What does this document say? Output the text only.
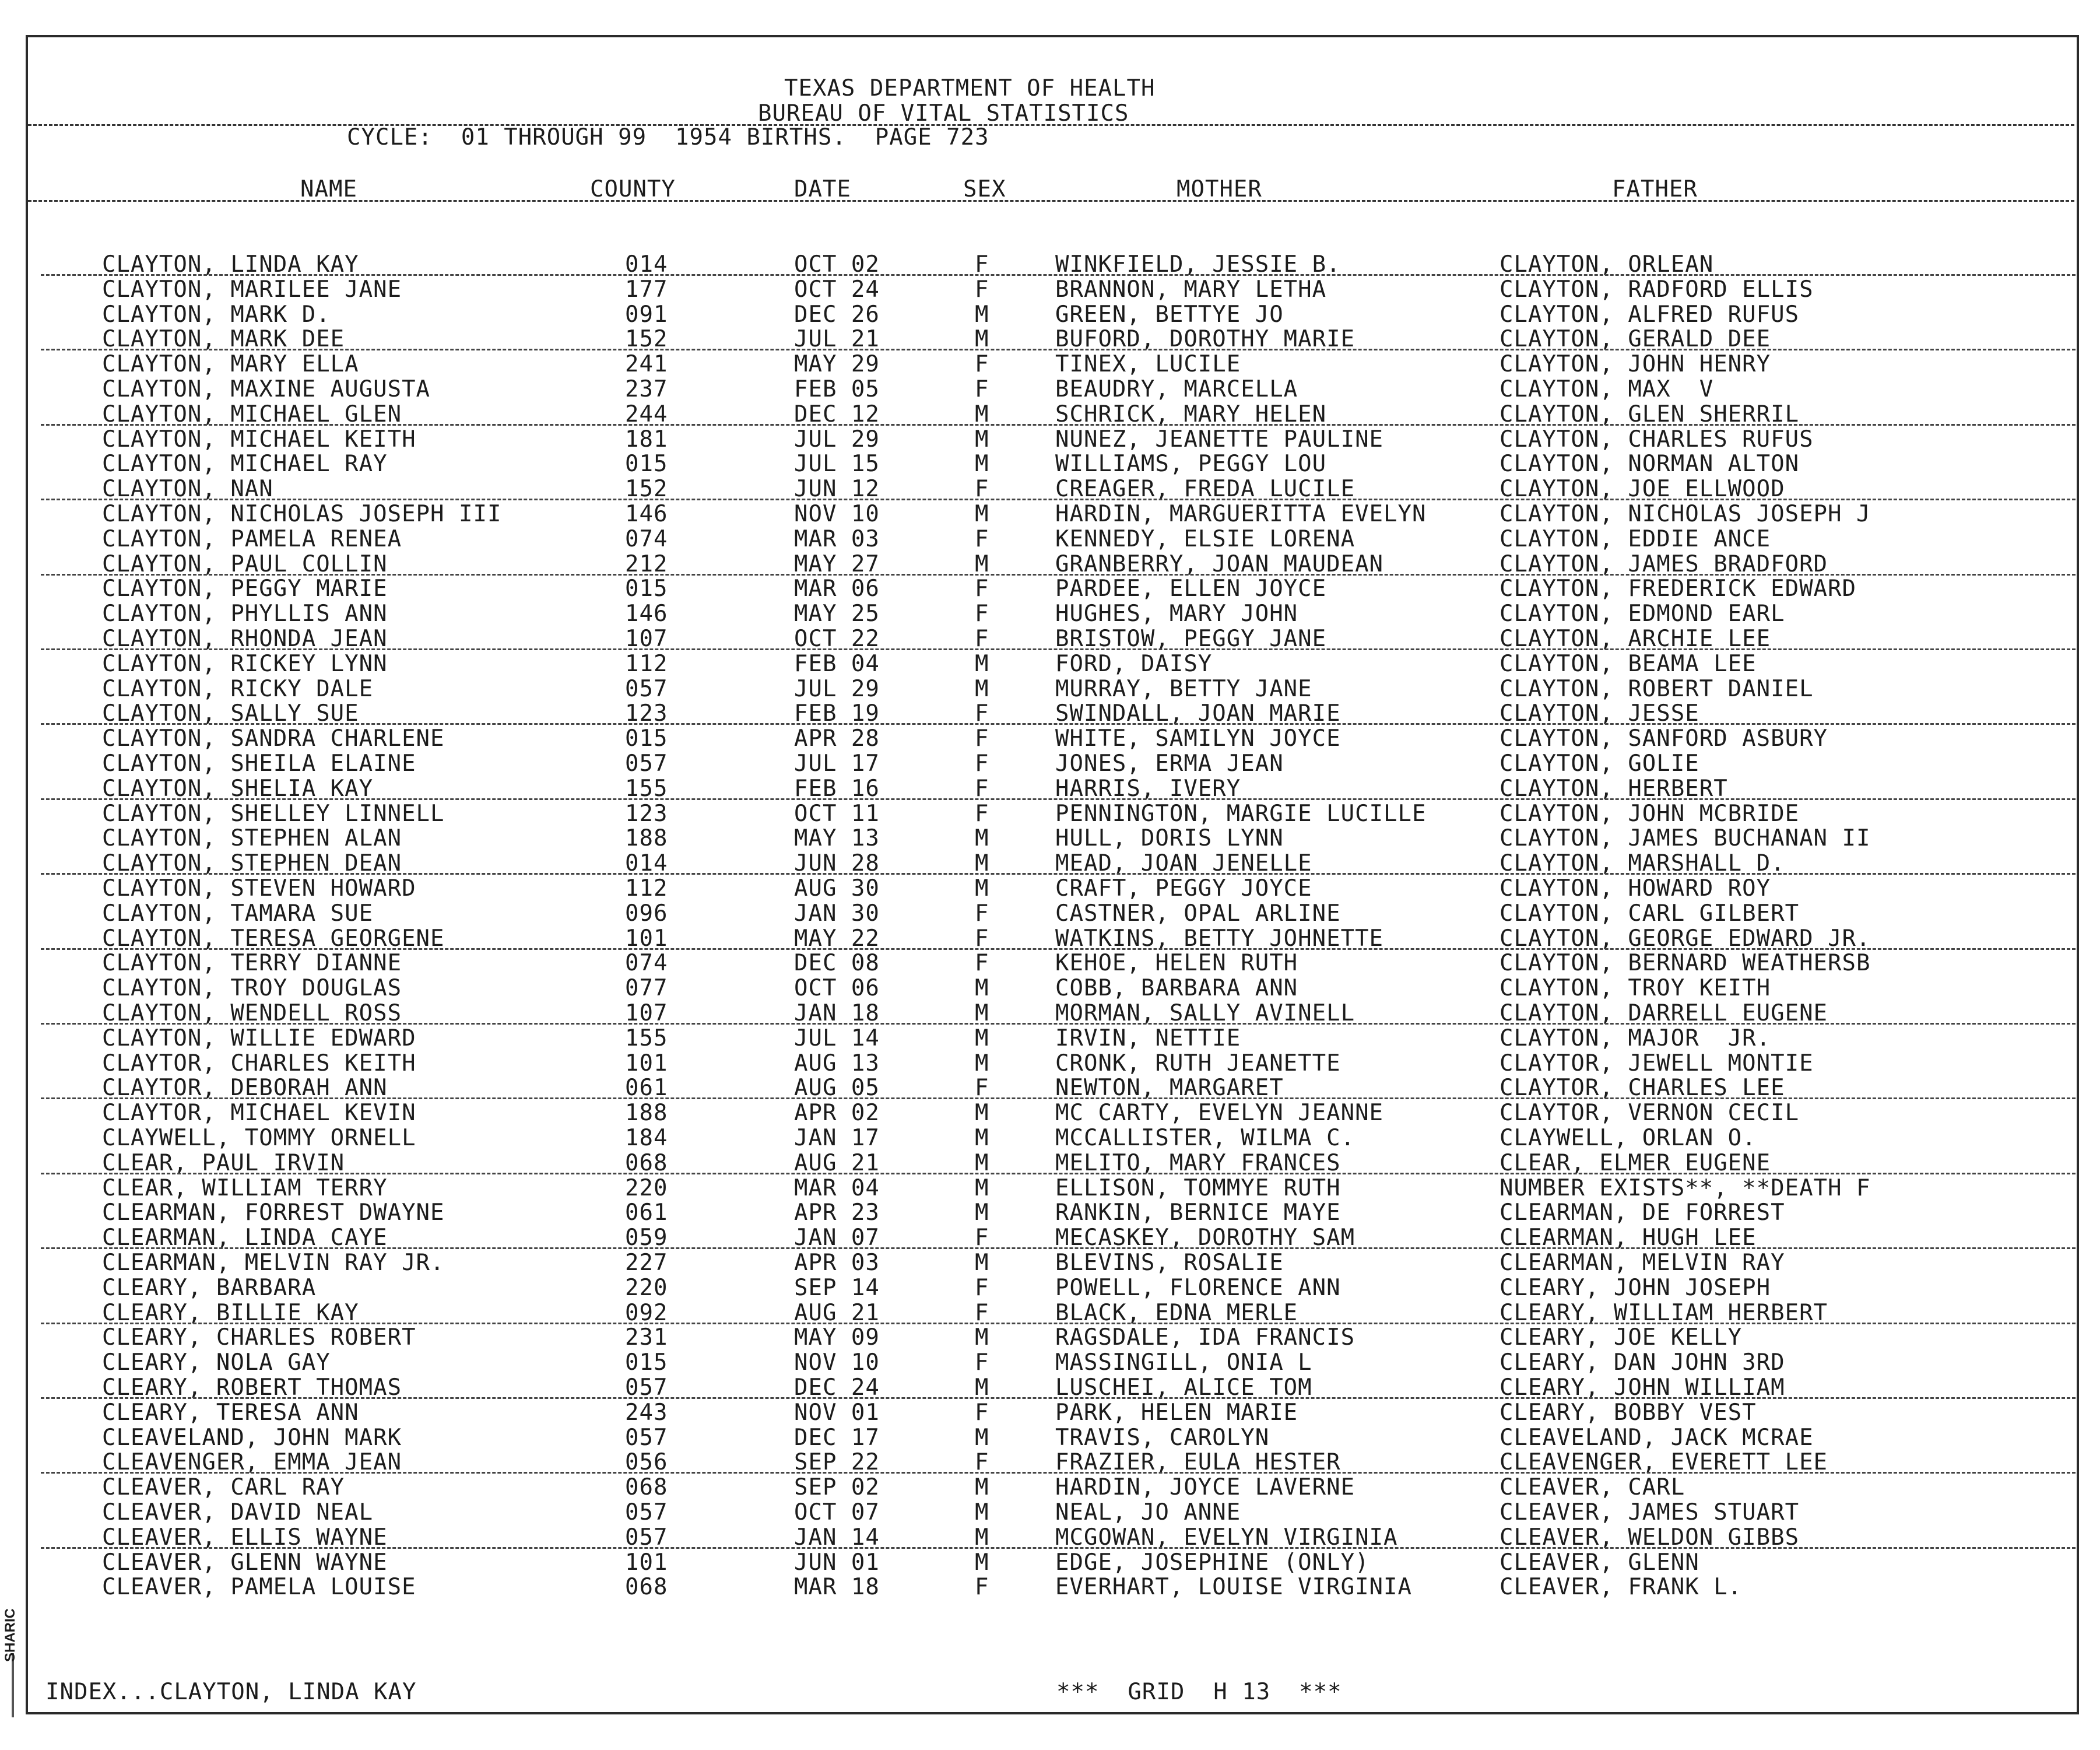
TEXAS DEPARTMENT OF HEALTH
BUREAU OF VITAL STATISTICS
CYCLE:  01 THROUGH 99  1954 BIRTHS.  PAGE 723
NAME	COUNTY	DATE	SEX	MOTHER	FATHER
CLAYTON, LINDA KAY	014	OCT 02	F	WINKFIELD, JESSIE B.	CLAYTON, ORLEAN
CLAYTON, MARILEE JANE	177	OCT 24	F	BRANNON, MARY LETHA	CLAYTON, RADFORD ELLIS
CLAYTON, MARK D.	091	DEC 26	M	GREEN, BETTYE JO	CLAYTON, ALFRED RUFUS
CLAYTON, MARK DEE	152	JUL 21	M	BUFORD, DOROTHY MARIE	CLAYTON, GERALD DEE
CLAYTON, MARY ELLA	241	MAY 29	F	TINEX, LUCILE	CLAYTON, JOHN HENRY
CLAYTON, MAXINE AUGUSTA	237	FEB 05	F	BEAUDRY, MARCELLA	CLAYTON, MAX  V
CLAYTON, MICHAEL GLEN	244	DEC 12	M	SCHRICK, MARY HELEN	CLAYTON, GLEN SHERRIL
CLAYTON, MICHAEL KEITH	181	JUL 29	M	NUNEZ, JEANETTE PAULINE	CLAYTON, CHARLES RUFUS
CLAYTON, MICHAEL RAY	015	JUL 15	M	WILLIAMS, PEGGY LOU	CLAYTON, NORMAN ALTON
CLAYTON, NAN	152	JUN 12	F	CREAGER, FREDA LUCILE	CLAYTON, JOE ELLWOOD
CLAYTON, NICHOLAS JOSEPH III	146	NOV 10	M	HARDIN, MARGUERITTA EVELYN	CLAYTON, NICHOLAS JOSEPH J
CLAYTON, PAMELA RENEA	074	MAR 03	F	KENNEDY, ELSIE LORENA	CLAYTON, EDDIE ANCE
CLAYTON, PAUL COLLIN	212	MAY 27	M	GRANBERRY, JOAN MAUDEAN	CLAYTON, JAMES BRADFORD
CLAYTON, PEGGY MARIE	015	MAR 06	F	PARDEE, ELLEN JOYCE	CLAYTON, FREDERICK EDWARD
CLAYTON, PHYLLIS ANN	146	MAY 25	F	HUGHES, MARY JOHN	CLAYTON, EDMOND EARL
CLAYTON, RHONDA JEAN	107	OCT 22	F	BRISTOW, PEGGY JANE	CLAYTON, ARCHIE LEE
CLAYTON, RICKEY LYNN	112	FEB 04	M	FORD, DAISY	CLAYTON, BEAMA LEE
CLAYTON, RICKY DALE	057	JUL 29	M	MURRAY, BETTY JANE	CLAYTON, ROBERT DANIEL
CLAYTON, SALLY SUE	123	FEB 19	F	SWINDALL, JOAN MARIE	CLAYTON, JESSE
CLAYTON, SANDRA CHARLENE	015	APR 28	F	WHITE, SAMILYN JOYCE	CLAYTON, SANFORD ASBURY
CLAYTON, SHEILA ELAINE	057	JUL 17	F	JONES, ERMA JEAN	CLAYTON, GOLIE
CLAYTON, SHELIA KAY	155	FEB 16	F	HARRIS, IVERY	CLAYTON, HERBERT
CLAYTON, SHELLEY LINNELL	123	OCT 11	F	PENNINGTON, MARGIE LUCILLE	CLAYTON, JOHN MCBRIDE
CLAYTON, STEPHEN ALAN	188	MAY 13	M	HULL, DORIS LYNN	CLAYTON, JAMES BUCHANAN II
CLAYTON, STEPHEN DEAN	014	JUN 28	M	MEAD, JOAN JENELLE	CLAYTON, MARSHALL D.
CLAYTON, STEVEN HOWARD	112	AUG 30	M	CRAFT, PEGGY JOYCE	CLAYTON, HOWARD ROY
CLAYTON, TAMARA SUE	096	JAN 30	F	CASTNER, OPAL ARLINE	CLAYTON, CARL GILBERT
CLAYTON, TERESA GEORGENE	101	MAY 22	F	WATKINS, BETTY JOHNETTE	CLAYTON, GEORGE EDWARD JR.
CLAYTON, TERRY DIANNE	074	DEC 08	F	KEHOE, HELEN RUTH	CLAYTON, BERNARD WEATHERSB
CLAYTON, TROY DOUGLAS	077	OCT 06	M	COBB, BARBARA ANN	CLAYTON, TROY KEITH
CLAYTON, WENDELL ROSS	107	JAN 18	M	MORMAN, SALLY AVINELL	CLAYTON, DARRELL EUGENE
CLAYTON, WILLIE EDWARD	155	JUL 14	M	IRVIN, NETTIE	CLAYTON, MAJOR  JR.
CLAYTOR, CHARLES KEITH	101	AUG 13	M	CRONK, RUTH JEANETTE	CLAYTOR, JEWELL MONTIE
CLAYTOR, DEBORAH ANN	061	AUG 05	F	NEWTON, MARGARET	CLAYTOR, CHARLES LEE
CLAYTOR, MICHAEL KEVIN	188	APR 02	M	MC CARTY, EVELYN JEANNE	CLAYTOR, VERNON CECIL
CLAYWELL, TOMMY ORNELL	184	JAN 17	M	MCCALLISTER, WILMA C.	CLAYWELL, ORLAN O.
CLEAR, PAUL IRVIN	068	AUG 21	M	MELITO, MARY FRANCES	CLEAR, ELMER EUGENE
CLEAR, WILLIAM TERRY	220	MAR 04	M	ELLISON, TOMMYE RUTH	NUMBER EXISTS**, **DEATH F
CLEARMAN, FORREST DWAYNE	061	APR 23	M	RANKIN, BERNICE MAYE	CLEARMAN, DE FORREST
CLEARMAN, LINDA CAYE	059	JAN 07	F	MECASKEY, DOROTHY SAM	CLEARMAN, HUGH LEE
CLEARMAN, MELVIN RAY JR.	227	APR 03	M	BLEVINS, ROSALIE	CLEARMAN, MELVIN RAY
CLEARY, BARBARA	220	SEP 14	F	POWELL, FLORENCE ANN	CLEARY, JOHN JOSEPH
CLEARY, BILLIE KAY	092	AUG 21	F	BLACK, EDNA MERLE	CLEARY, WILLIAM HERBERT
CLEARY, CHARLES ROBERT	231	MAY 09	M	RAGSDALE, IDA FRANCIS	CLEARY, JOE KELLY
CLEARY, NOLA GAY	015	NOV 10	F	MASSINGILL, ONIA L	CLEARY, DAN JOHN 3RD
CLEARY, ROBERT THOMAS	057	DEC 24	M	LUSCHEI, ALICE TOM	CLEARY, JOHN WILLIAM
CLEARY, TERESA ANN	243	NOV 01	F	PARK, HELEN MARIE	CLEARY, BOBBY VEST
CLEAVELAND, JOHN MARK	057	DEC 17	M	TRAVIS, CAROLYN	CLEAVELAND, JACK MCRAE
CLEAVENGER, EMMA JEAN	056	SEP 22	F	FRAZIER, EULA HESTER	CLEAVENGER, EVERETT LEE
CLEAVER, CARL RAY	068	SEP 02	M	HARDIN, JOYCE LAVERNE	CLEAVER, CARL
CLEAVER, DAVID NEAL	057	OCT 07	M	NEAL, JO ANNE	CLEAVER, JAMES STUART
CLEAVER, ELLIS WAYNE	057	JAN 14	M	MCGOWAN, EVELYN VIRGINIA	CLEAVER, WELDON GIBBS
CLEAVER, GLENN WAYNE	101	JUN 01	M	EDGE, JOSEPHINE (ONLY)	CLEAVER, GLENN
CLEAVER, PAMELA LOUISE	068	MAR 18	F	EVERHART, LOUISE VIRGINIA	CLEAVER, FRANK L.
INDEX...CLAYTON, LINDA KAY	***  GRID  H 13  ***
SHARIC
